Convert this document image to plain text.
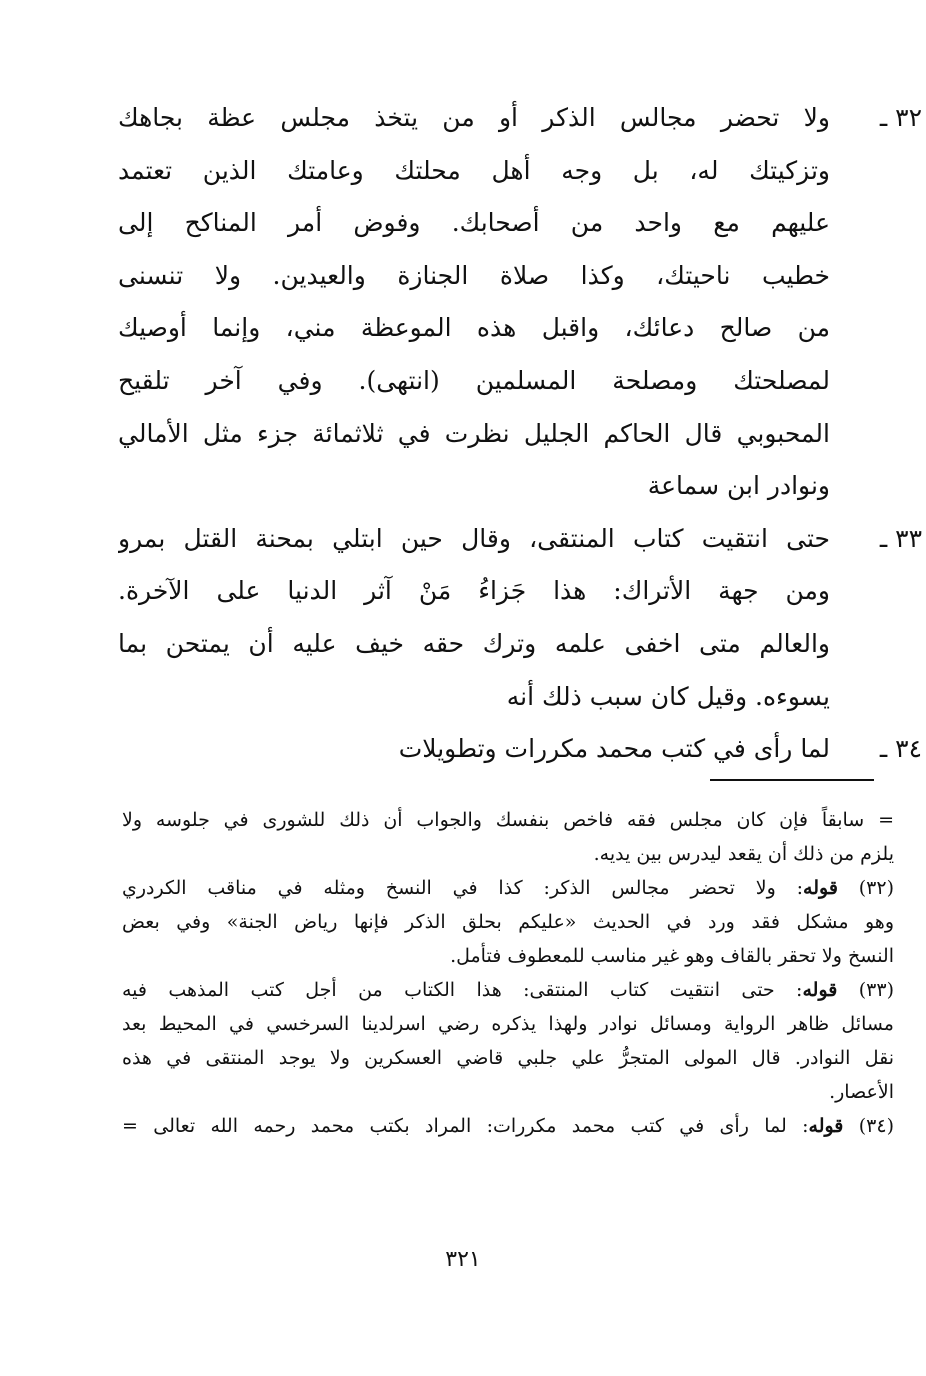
٣٢ ـ
ولا تحضر مجالس الذكر أو من يتخذ مجلس عظة بجاهك
وتزكيتك له، بل وجه أهل محلتك وعامتك الذين تعتمد
عليهم مع واحد من أصحابك. وفوض أمر المناكح إلى
خطيب ناحيتك، وكذا صلاة الجنازة والعيدين. ولا تنسنى
من صالح دعائك، واقبل هذه الموعظة مني، وإنما أوصيك
لمصلحتك ومصلحة المسلمين (انتهى). وفي آخر تلقيح
المحبوبي قال الحاكم الجليل نظرت في ثلاثمائة جزء مثل الأمالي
ونوادر ابن سماعة
٣٣ ـ
حتى انتقيت كتاب المنتقى، وقال حين ابتلي بمحنة القتل بمرو
ومن جهة الأتراك: هذا جَزاءُ مَنْ آثر الدنيا على الآخرة.
والعالم متى اخفى علمه وترك حقه خيف عليه أن يمتحن بما
يسوءه. وقيل كان سبب ذلك أنه
٣٤ ـ
لما رأى في كتب محمد مكررات وتطويلات
= سابقاً فإن كان مجلس فقه فاخص بنفسك والجواب أن ذلك للشورى في جلوسه ولا
يلزم من ذلك أن يقعد ليدرس بين يديه.
(٣٢) قوله: ولا تحضر مجالس الذكر: كذا في النسخ ومثله في مناقب الكردري
وهو مشكل فقد ورد في الحديث «عليكم بحلق الذكر فإنها رياض الجنة» وفي بعض
النسخ ولا تحقر بالقاف وهو غير مناسب للمعطوف فتأمل.
(٣٣) قوله: حتى انتقيت كتاب المنتقى: هذا الكتاب من أجل كتب المذهب فيه
مسائل ظاهر الرواية ومسائل نوادر ولهذا يذكره رضي اسرلدينا السرخسي في المحيط بعد
نقل النوادر. قال المولى المتجرُّ علي جلبي قاضي العسكرين ولا يوجد المنتقى في هذه
الأعصار.
(٣٤) قوله: لما رأى في كتب محمد مكررات: المراد بكتب محمد رحمه الله تعالى =
٣٢١
